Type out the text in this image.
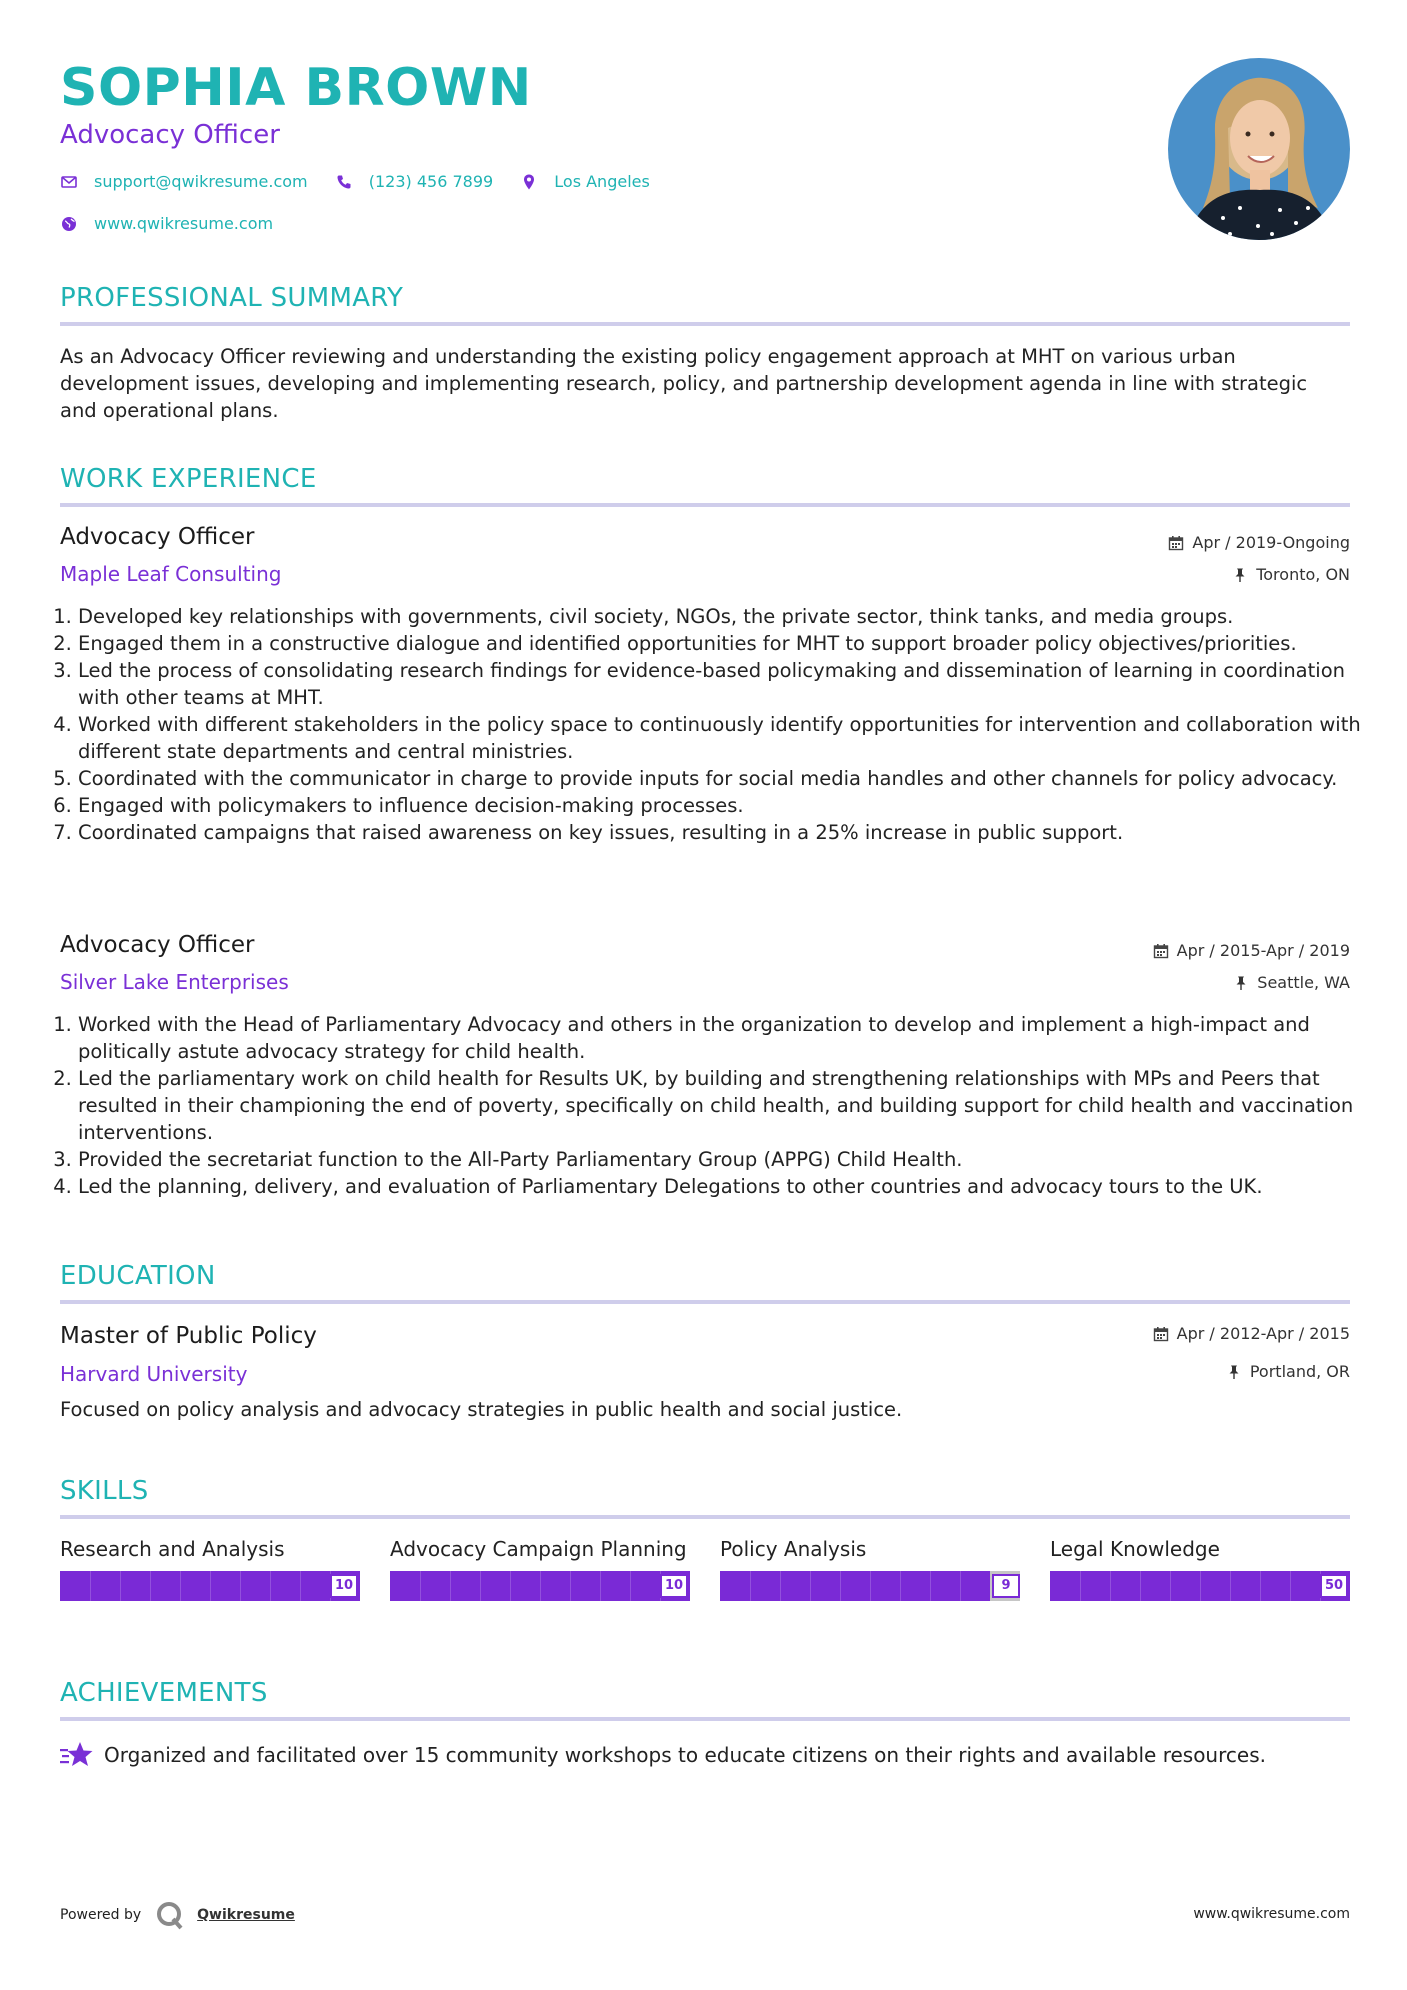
SOPHIA BROWN
Advocacy Officer
support@qwikresume.com
	(123) 456 7899
	Los Angeles
www.qwikresume.com
PROFESSIONAL SUMMARY
As an Advocacy Officer reviewing and understanding the existing policy engagement approach at MHT on various urban development issues, developing and implementing research, policy, and partnership development agenda in line with strategic and operational plans.
WORK EXPERIENCE
Advocacy Officer
Maple Leaf Consulting
Apr / 2019-Ongoing
Toronto, ON
1. Developed key relationships with governments, civil society, NGOs, the private sector, think tanks, and media groups.
2. Engaged them in a constructive dialogue and identified opportunities for MHT to support broader policy objectives/priorities.
3. Led the process of consolidating research findings for evidence-based policymaking and dissemination of learning in coordination with other teams at MHT.
4. Worked with different stakeholders in the policy space to continuously identify opportunities for intervention and collaboration with different state departments and central ministries.
5. Coordinated with the communicator in charge to provide inputs for social media handles and other channels for policy advocacy.
6. Engaged with policymakers to influence decision-making processes.
7. Coordinated campaigns that raised awareness on key issues, resulting in a 25% increase in public support.
Advocacy Officer
Silver Lake Enterprises
Apr / 2015-Apr / 2019
Seattle, WA
1. Worked with the Head of Parliamentary Advocacy and others in the organization to develop and implement a high-impact and politically astute advocacy strategy for child health.
2. Led the parliamentary work on child health for Results UK, by building and strengthening relationships with MPs and Peers that resulted in their championing the end of poverty, specifically on child health, and building support for child health and vaccination interventions.
3. Provided the secretariat function to the All-Party Parliamentary Group (APPG) Child Health.
4. Led the planning, delivery, and evaluation of Parliamentary Delegations to other countries and advocacy tours to the UK.
EDUCATION
Master of Public Policy
Harvard University
Apr / 2012-Apr / 2015
Portland, OR
Focused on policy analysis and advocacy strategies in public health and social justice.
SKILLS
Research and Analysis
10
Advocacy Campaign Planning
10
Policy Analysis
9
Legal Knowledge
50
ACHIEVEMENTS
Organized and facilitated over 15 community workshops to educate citizens on their rights and available resources.
Powered by	Qwikresume	www.qwikresume.com
